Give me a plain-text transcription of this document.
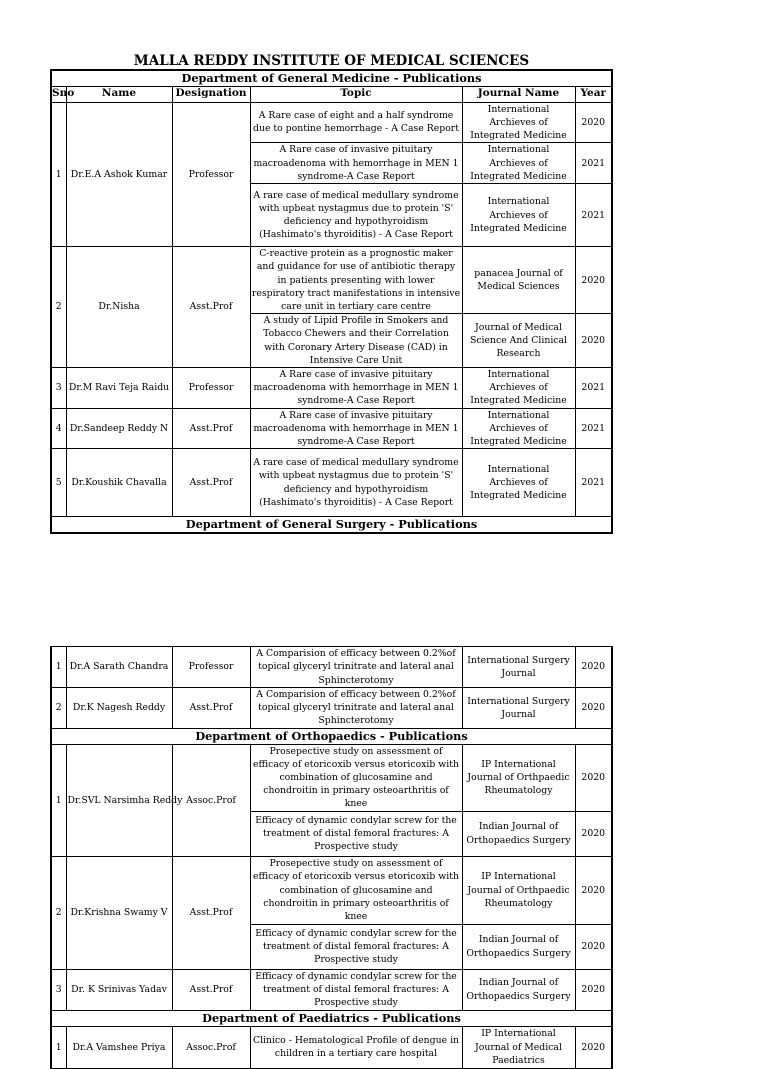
MALLA REDDY INSTITUTE OF MEDICAL SCIENCES
Department of General Medicine - Publications					
Sno	Name	Designation	Topic	Journal Name	Year
1	Dr.E.A Ashok Kumar	Professor	A Rare case of eight and a half syndrome due to pontine hemorrhage - A Case Report	International Archieves of Integrated Medicine	2020
			A Rare case of invasive pituitary macroadenoma with hemorrhage in MEN 1 syndrome-A Case Report	International Archieves of Integrated Medicine	2021
			A rare case of medical medullary syndrome with upbeat nystagmus due to protein 'S' deficiency and hypothyroidism (Hashimato's thyroiditis) - A Case Report	International Archieves of Integrated Medicine	2021
2	Dr.Nisha	Asst.Prof	C-reactive protein as a prognostic maker and guidance for use of antibiotic therapy in patients presenting with lower respiratory tract manifestations in intensive care unit in tertiary care centre	panacea Journal of Medical Sciences	2020
			A study of Lipid Profile in Smokers and Tobacco Chewers and their Correlation with Coronary Artery Disease (CAD) in Intensive Care Unit	Journal of Medical Science And Clinical Research	2020
3	Dr.M Ravi Teja Raidu	Professor	A Rare case of invasive pituitary macroadenoma with hemorrhage in MEN 1 syndrome-A Case Report	International Archieves of Integrated Medicine	2021
4	Dr.Sandeep Reddy N	Asst.Prof	A Rare case of invasive pituitary macroadenoma with hemorrhage in MEN 1 syndrome-A Case Report	International Archieves of Integrated Medicine	2021
5	Dr.Koushik Chavalla	Asst.Prof	A rare case of medical medullary syndrome with upbeat nystagmus due to protein 'S' deficiency and hypothyroidism (Hashimato's thyroiditis) - A Case Report	International Archieves of Integrated Medicine	2021
Department of General Surgery - Publications					
1	Dr.A Sarath Chandra	Professor	A Comparision of efficacy between 0.2%of topical glyceryl trinitrate and lateral anal Sphincterotomy	International Surgery Journal	2020
2	Dr.K Nagesh Reddy	Asst.Prof	A Comparision of efficacy between 0.2%of topical glyceryl trinitrate and lateral anal Sphincterotomy	International Surgery Journal	2020
Department of Orthopaedics - Publications					
1	Dr.SVL Narsimha Reddy	Assoc.Prof	Prosepective study on assessment of efficacy of etoricoxib versus etoricoxib with combination of glucosamine and chondroitin in primary osteoarthritis of knee	IP International Journal of Orthpaedic Rheumatology	2020
			Efficacy of dynamic condylar screw for the treatment of distal femoral fractures: A Prospective study	Indian Journal of Orthopaedics Surgery	2020
2	Dr.Krishna Swamy V	Asst.Prof	Prosepective study on assessment of efficacy of etoricoxib versus etoricoxib with combination of glucosamine and chondroitin in primary osteoarthritis of knee	IP International Journal of Orthpaedic Rheumatology	2020
			Efficacy of dynamic condylar screw for the treatment of distal femoral fractures: A Prospective study	Indian Journal of Orthopaedics Surgery	2020
3	Dr. K Srinivas Yadav	Asst.Prof	Efficacy of dynamic condylar screw for the treatment of distal femoral fractures: A Prospective study	Indian Journal of Orthopaedics Surgery	2020
Department of Paediatrics - Publications					
1	Dr.A Vamshee Priya	Assoc.Prof	Clinico - Hematological Profile of dengue in children in a tertiary care hospital	IP International Journal of Medical Paediatrics	2020
